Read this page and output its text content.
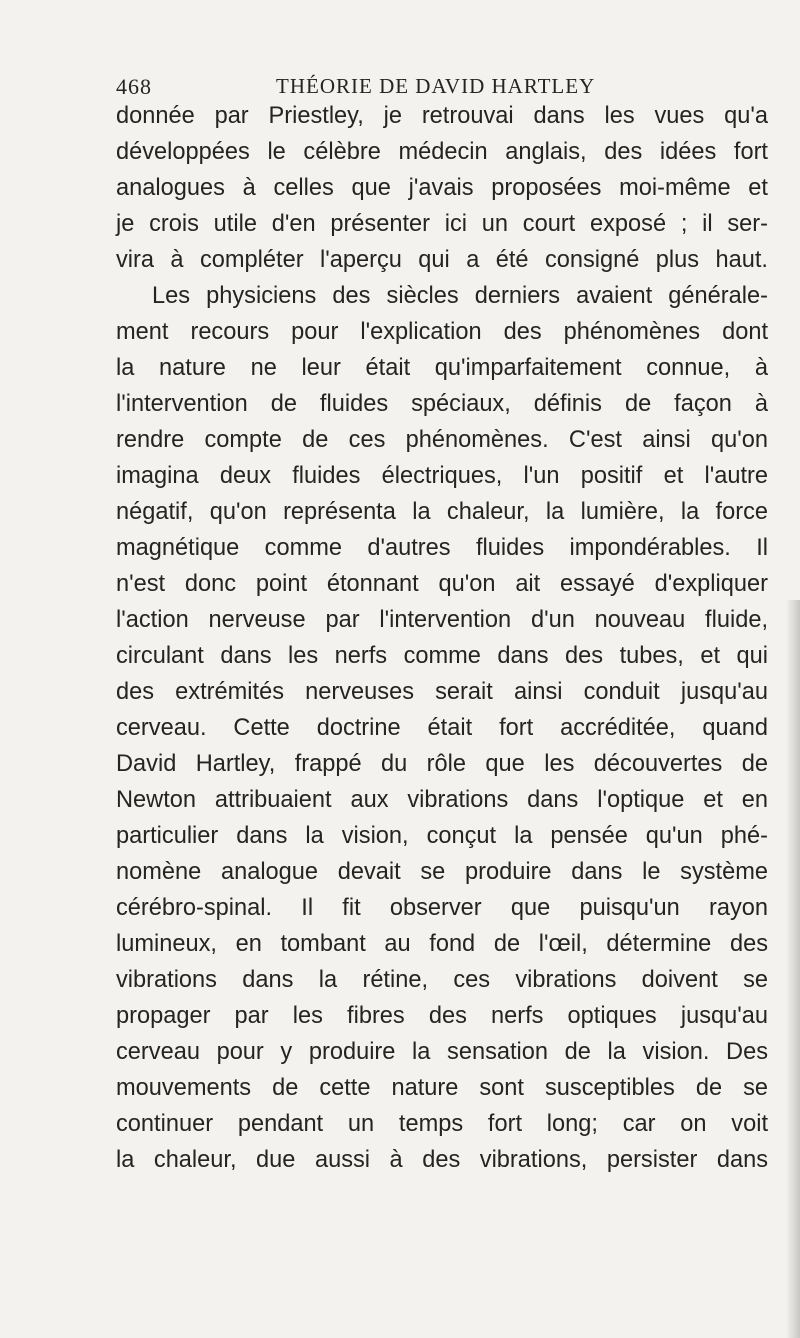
468	THÉORIE DE DAVID HARTLEY
donnée par Priestley, je retrouvai dans les vues qu'a
développées le célèbre médecin anglais, des idées fort
analogues à celles que j'avais proposées moi-même et
je crois utile d'en présenter ici un court exposé ; il ser-
vira à compléter l'aperçu qui a été consigné plus haut.
Les physiciens des siècles derniers avaient générale-
ment recours pour l'explication des phénomènes dont
la nature ne leur était qu'imparfaitement connue, à
l'intervention de fluides spéciaux, définis de façon à
rendre compte de ces phénomènes. C'est ainsi qu'on
imagina deux fluides électriques, l'un positif et l'autre
négatif, qu'on représenta la chaleur, la lumière, la force
magnétique comme d'autres fluides impondérables. Il
n'est donc point étonnant qu'on ait essayé d'expliquer
l'action nerveuse par l'intervention d'un nouveau fluide,
circulant dans les nerfs comme dans des tubes, et qui
des extrémités nerveuses serait ainsi conduit jusqu'au
cerveau. Cette doctrine était fort accréditée, quand
David Hartley, frappé du rôle que les découvertes de
Newton attribuaient aux vibrations dans l'optique et en
particulier dans la vision, conçut la pensée qu'un phé-
nomène analogue devait se produire dans le système
cérébro-spinal. Il fit observer que puisqu'un rayon
lumineux, en tombant au fond de l'œil, détermine des
vibrations dans la rétine, ces vibrations doivent se
propager par les fibres des nerfs optiques jusqu'au
cerveau pour y produire la sensation de la vision. Des
mouvements de cette nature sont susceptibles de se
continuer pendant un temps fort long; car on voit
la chaleur, due aussi à des vibrations, persister dans
